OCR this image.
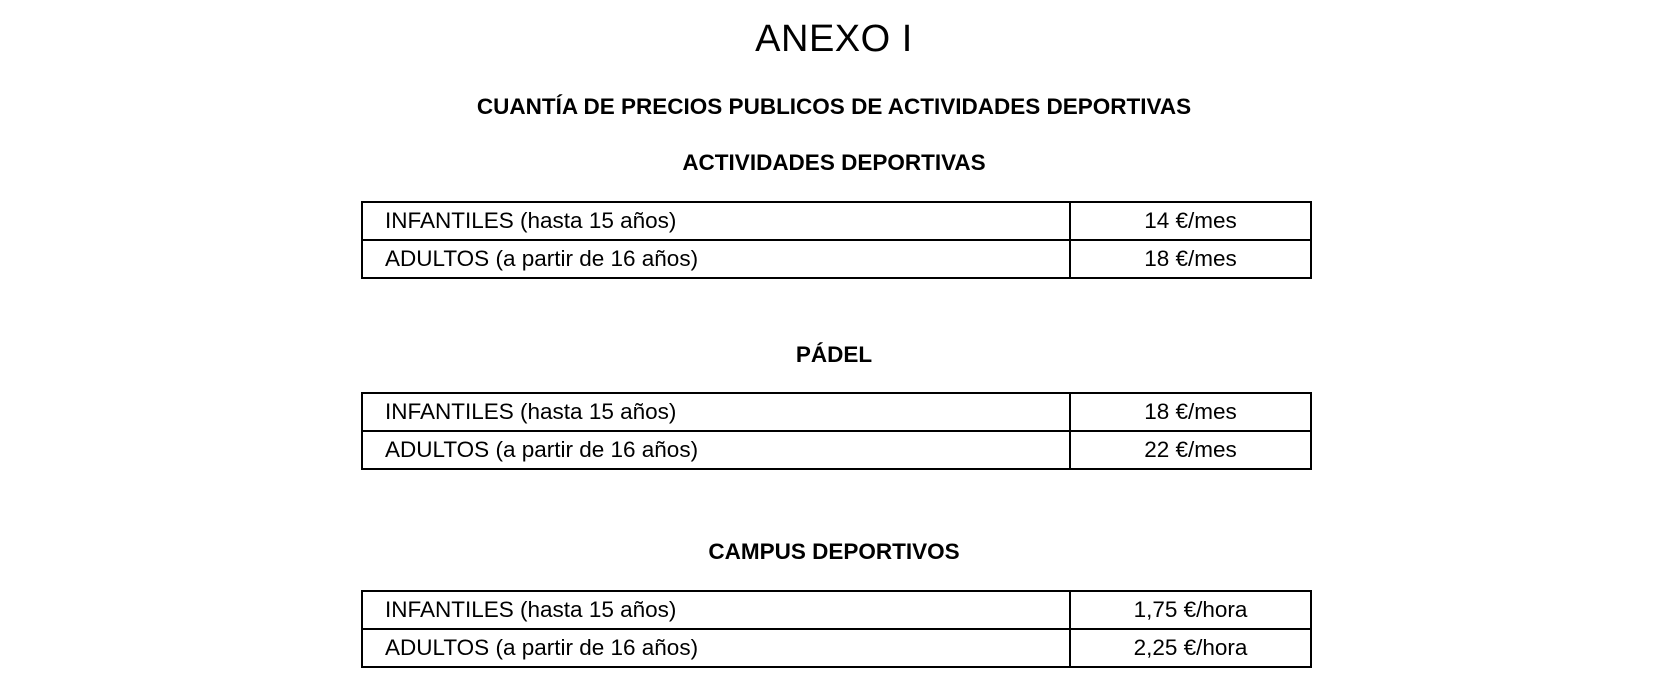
ANEXO I
CUANTÍA DE PRECIOS PUBLICOS DE ACTIVIDADES DEPORTIVAS
ACTIVIDADES DEPORTIVAS
INFANTILES (hasta 15 años)	14 €/mes
ADULTOS (a partir de 16 años)	18 €/mes
PÁDEL
INFANTILES (hasta 15 años)	18 €/mes
ADULTOS (a partir de 16 años)	22 €/mes
CAMPUS DEPORTIVOS
INFANTILES (hasta 15 años)	1,75 €/hora
ADULTOS (a partir de 16 años)	2,25 €/hora
